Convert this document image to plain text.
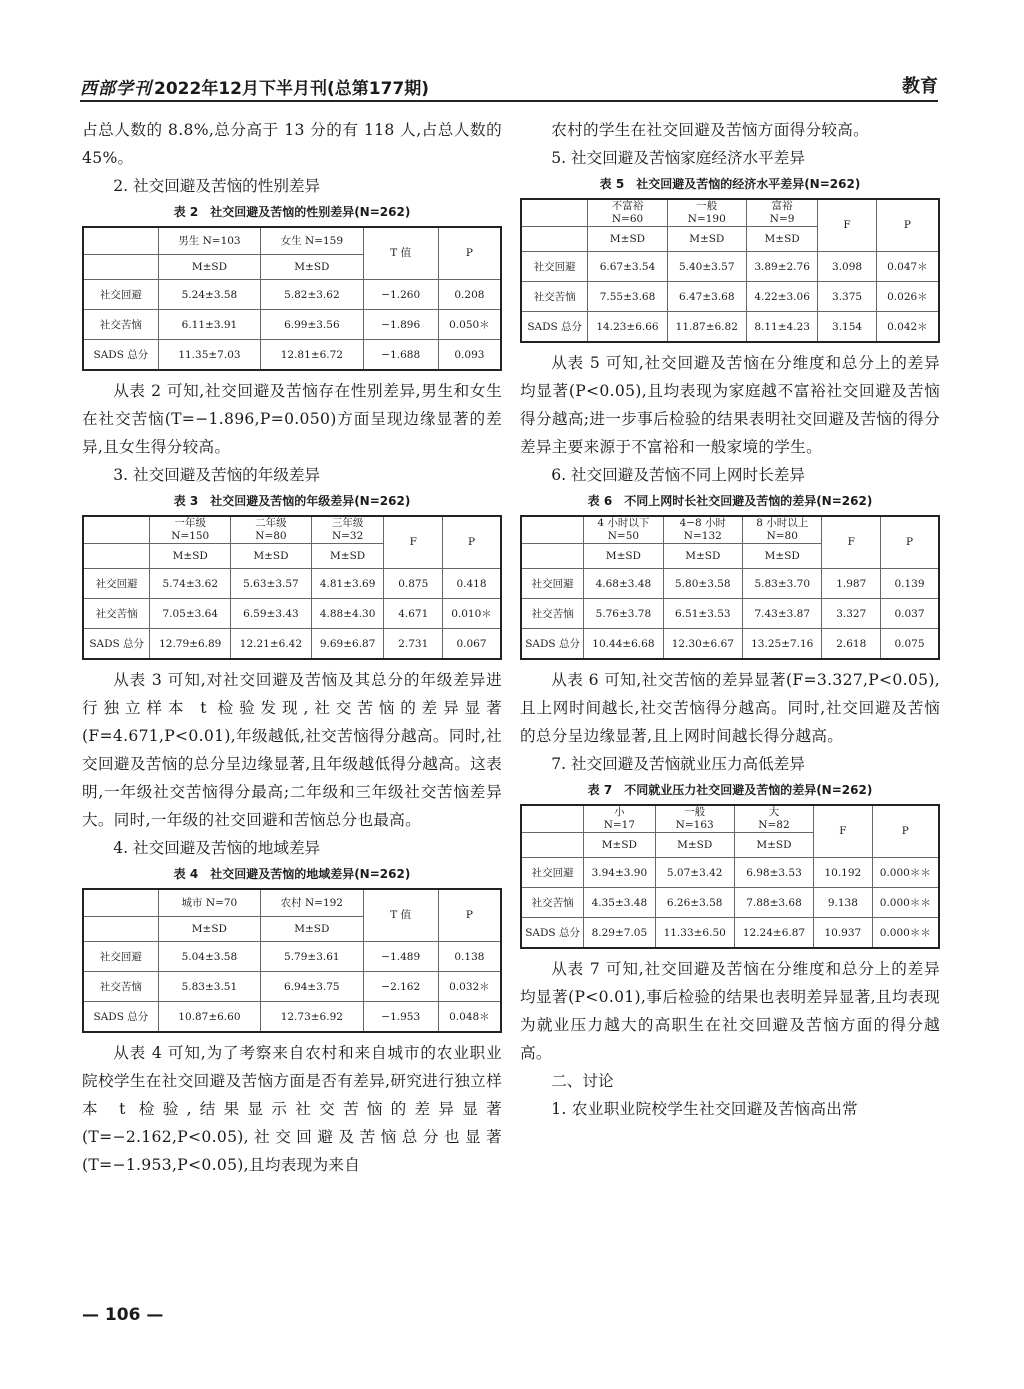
西部学刊 2022年12月下半月刊(总第177期)	教育

占总人数的 8.8%,总分高于 13 分的有 118 人,占总人数的 45%。

2. 社交回避及苦恼的性别差异
表 2　社交回避及苦恼的性别差异(N=262)
	男生 N=103	女生 N=159	T 值	P
	M±SD	M±SD		
社交回避	5.24±3.58	5.82±3.62	−1.260	0.208
社交苦恼	6.11±3.91	6.99±3.56	−1.896	0.050＊
SADS 总分	11.35±7.03	12.81±6.72	−1.688	0.093

从表 2 可知,社交回避及苦恼存在性别差异,男生和女生在社交苦恼(T=−1.896,P=0.050)方面呈现边缘显著的差异,且女生得分较高。

3. 社交回避及苦恼的年级差异
表 3　社交回避及苦恼的年级差异(N=262)
	一年级
N=150	二年级
N=80	三年级
N=32	F	P
	M±SD	M±SD	M±SD		
社交回避	5.74±3.62	5.63±3.57	4.81±3.69	0.875	0.418
社交苦恼	7.05±3.64	6.59±3.43	4.88±4.30	4.671	0.010＊
SADS 总分	12.79±6.89	12.21±6.42	9.69±6.87	2.731	0.067

从表 3 可知,对社交回避及苦恼及其总分的年级差异进行独立样本 t 检验发现,社交苦恼的差异显著(F=4.671,P<0.01),年级越低,社交苦恼得分越高。同时,社交回避及苦恼的总分呈边缘显著,且年级越低得分越高。这表明,一年级社交苦恼得分最高;二年级和三年级社交苦恼差异大。同时,一年级的社交回避和苦恼总分也最高。

4. 社交回避及苦恼的地域差异
表 4　社交回避及苦恼的地域差异(N=262)
	城市 N=70	农村 N=192	T 值	P
	M±SD	M±SD		
社交回避	5.04±3.58	5.79±3.61	−1.489	0.138
社交苦恼	5.83±3.51	6.94±3.75	−2.162	0.032＊
SADS 总分	10.87±6.60	12.73±6.92	−1.953	0.048＊

从表 4 可知,为了考察来自农村和来自城市的农业职业院校学生在社交回避及苦恼方面是否有差异,研究进行独立样本 t 检验,结果显示社交苦恼的差异显著(T=−2.162,P<0.05),社交回避及苦恼总分也显著(T=−1.953,P<0.05),且均表现为来自

农村的学生在社交回避及苦恼方面得分较高。

5. 社交回避及苦恼家庭经济水平差异
表 5　社交回避及苦恼的经济水平差异(N=262)
	不富裕
N=60	一般
N=190	富裕
N=9	F	P
	M±SD	M±SD	M±SD		
社交回避	6.67±3.54	5.40±3.57	3.89±2.76	3.098	0.047＊
社交苦恼	7.55±3.68	6.47±3.68	4.22±3.06	3.375	0.026＊
SADS 总分	14.23±6.66	11.87±6.82	8.11±4.23	3.154	0.042＊

从表 5 可知,社交回避及苦恼在分维度和总分上的差异均显著(P<0.05),且均表现为家庭越不富裕社交回避及苦恼得分越高;进一步事后检验的结果表明社交回避及苦恼的得分差异主要来源于不富裕和一般家境的学生。

6. 社交回避及苦恼不同上网时长差异
表 6　不同上网时长社交回避及苦恼的差异(N=262)
	4 小时以下
N=50	4−8 小时
N=132	8 小时以上
N=80	F	P
	M±SD	M±SD	M±SD		
社交回避	4.68±3.48	5.80±3.58	5.83±3.70	1.987	0.139
社交苦恼	5.76±3.78	6.51±3.53	7.43±3.87	3.327	0.037
SADS 总分	10.44±6.68	12.30±6.67	13.25±7.16	2.618	0.075

从表 6 可知,社交苦恼的差异显著(F=3.327,P<0.05),且上网时间越长,社交苦恼得分越高。同时,社交回避及苦恼的总分呈边缘显著,且上网时间越长得分越高。

7. 社交回避及苦恼就业压力高低差异
表 7　不同就业压力社交回避及苦恼的差异(N=262)
	小
N=17	一般
N=163	大
N=82	F	P
	M±SD	M±SD	M±SD		
社交回避	3.94±3.90	5.07±3.42	6.98±3.53	10.192	0.000＊＊
社交苦恼	4.35±3.48	6.26±3.58	7.88±3.68	9.138	0.000＊＊
SADS 总分	8.29±7.05	11.33±6.50	12.24±6.87	10.937	0.000＊＊

从表 7 可知,社交回避及苦恼在分维度和总分上的差异均显著(P<0.01),事后检验的结果也表明差异显著,且均表现为就业压力越大的高职生在社交回避及苦恼方面的得分越高。

二、讨论

1. 农业职业院校学生社交回避及苦恼高出常

— 106 —
